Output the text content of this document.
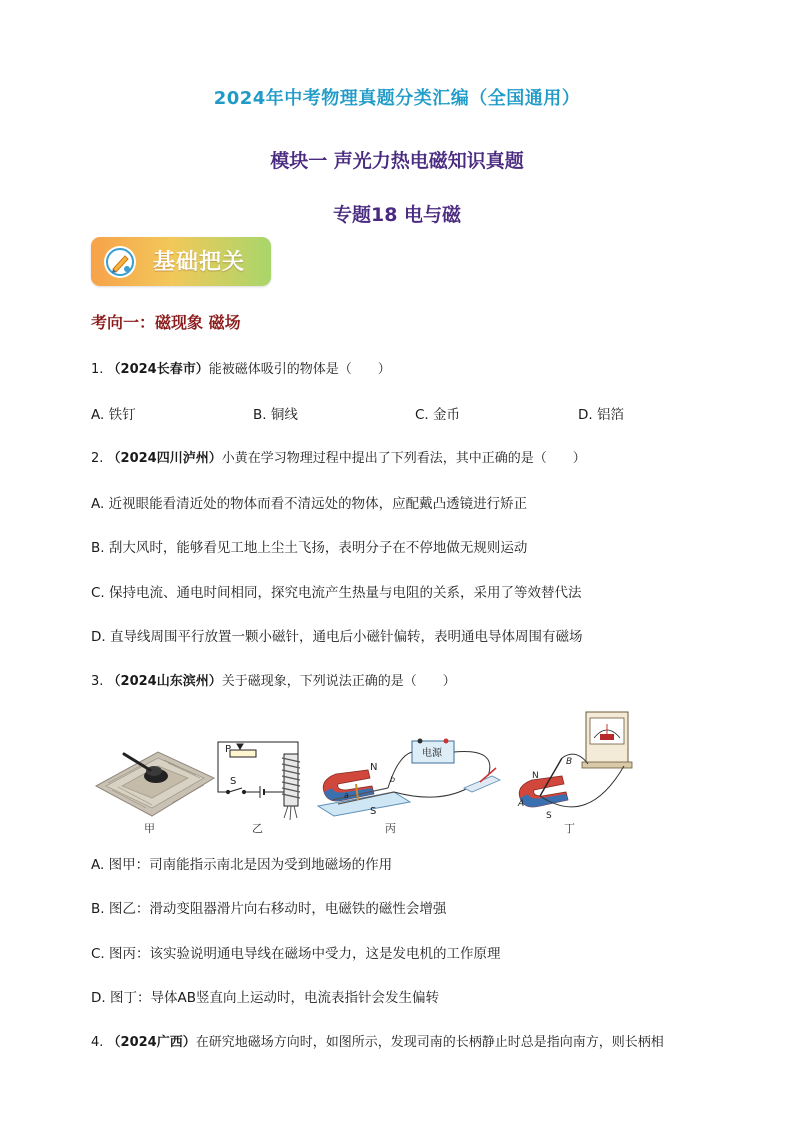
2024年中考物理真题分类汇编（全国通用）
模块一 声光力热电磁知识真题
专题18 电与磁
基础把关
考向一：磁现象 磁场
1. （2024长春市）能被磁体吸引的物体是（　　）
A. 铁钉	B. 铜线	C. 金币	D. 铝箔
2. （2024四川泸州）小黄在学习物理过程中提出了下列看法，其中正确的是（　　）
A. 近视眼能看清近处的物体而看不清远处的物体，应配戴凸透镜进行矫正
B. 刮大风时，能够看见工地上尘土飞扬，表明分子在不停地做无规则运动
C. 保持电流、通电时间相同，探究电流产生热量与电阻的关系，采用了等效替代法
D. 直导线周围平行放置一颗小磁针，通电后小磁针偏转，表明通电导体周围有磁场
3. （2024山东滨州）关于磁现象，下列说法正确的是（　　）
甲
P
S
乙
N
S
电源
a
b
丙
B
A
N
S
丁
A. 图甲：司南能指示南北是因为受到地磁场的作用
B. 图乙：滑动变阻器滑片向右移动时，电磁铁的磁性会增强
C. 图丙：该实验说明通电导线在磁场中受力，这是发电机的工作原理
D. 图丁：导体AB竖直向上运动时，电流表指针会发生偏转
4. （2024广西）在研究地磁场方向时，如图所示，发现司南的长柄静止时总是指向南方，则长柄相
